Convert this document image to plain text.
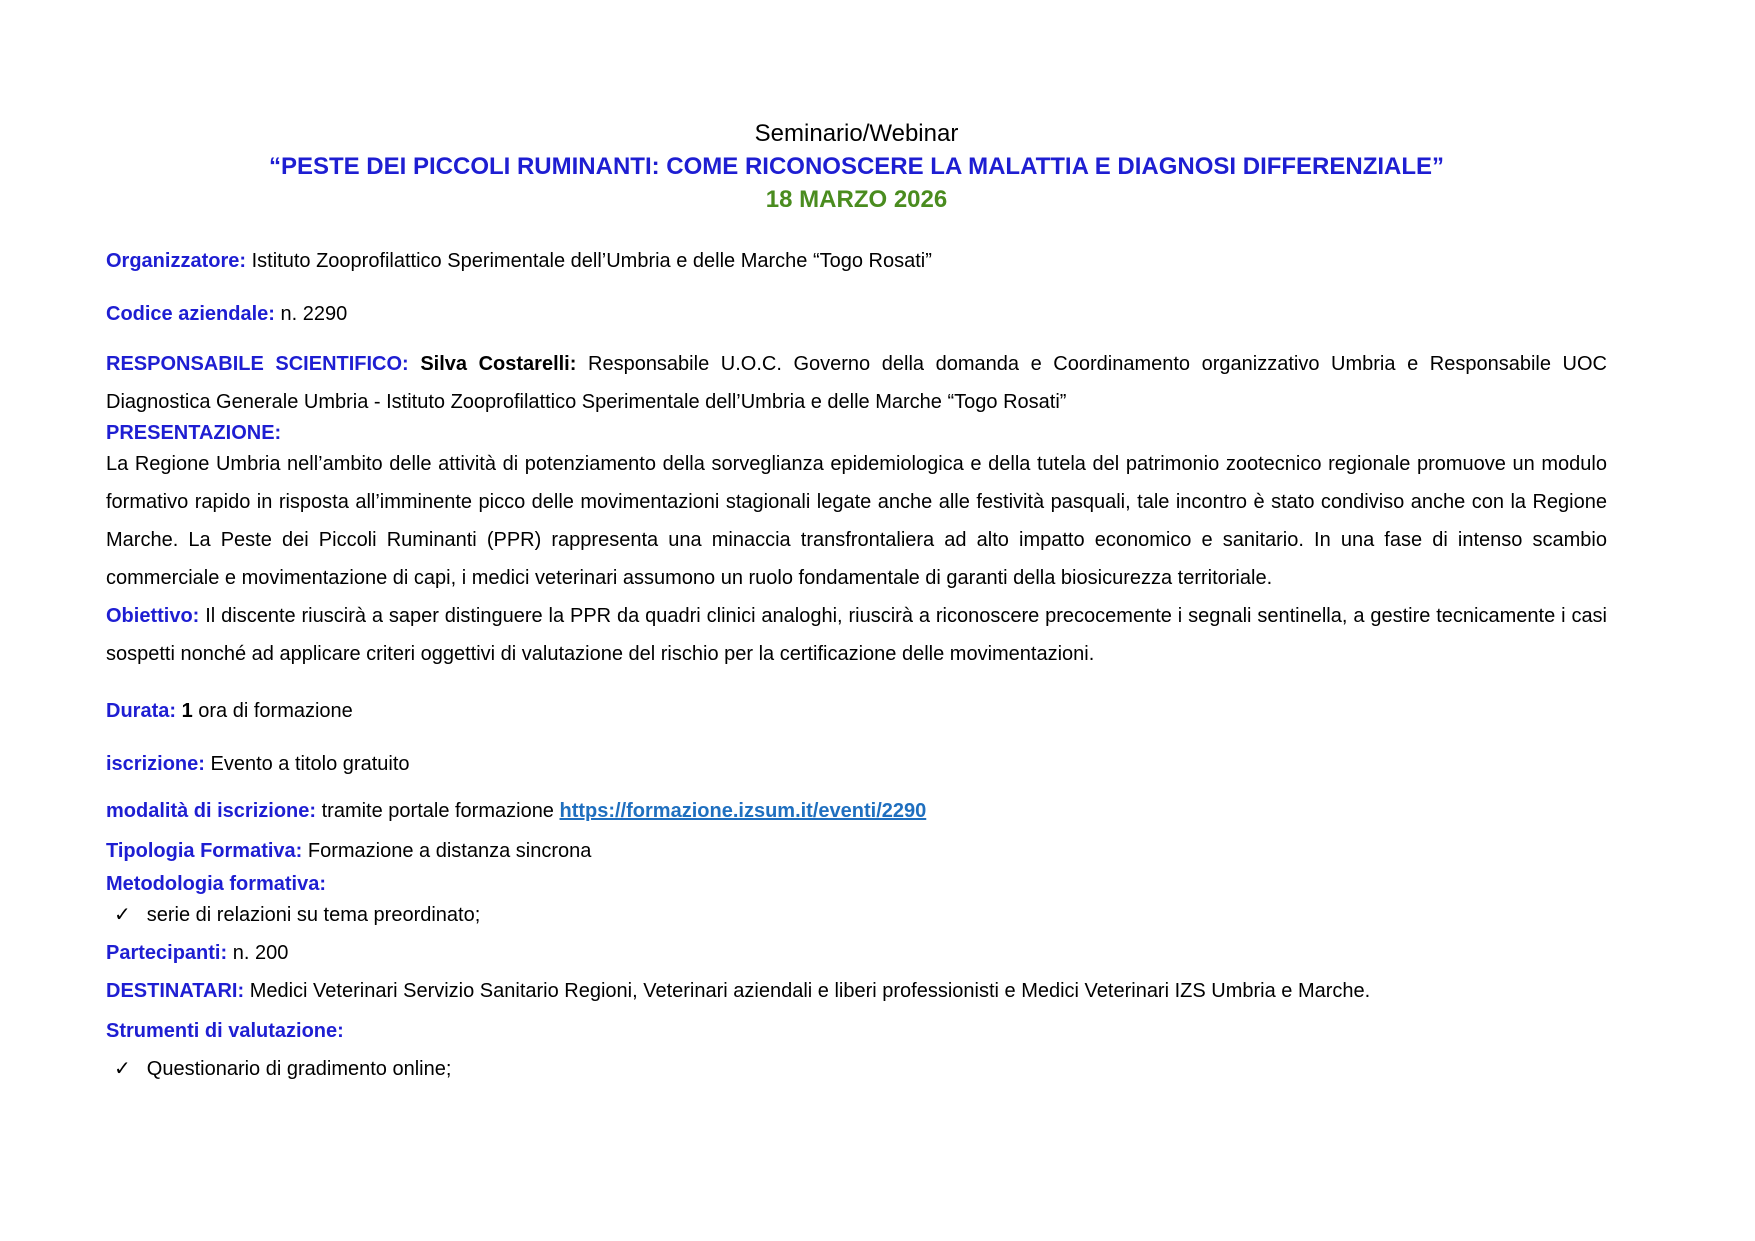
Seminario/Webinar
“PESTE DEI PICCOLI RUMINANTI: COME RICONOSCERE LA MALATTIA E DIAGNOSI DIFFERENZIALE”
18 MARZO 2026

Organizzatore: Istituto Zooprofilattico Sperimentale dell’Umbria e delle Marche “Togo Rosati”

Codice aziendale: n. 2290

RESPONSABILE SCIENTIFICO: Silva Costarelli: Responsabile U.O.C. Governo della domanda e Coordinamento organizzativo Umbria e Responsabile UOC Diagnostica Generale Umbria - Istituto Zooprofilattico Sperimentale dell’Umbria e delle Marche “Togo Rosati”

PRESENTAZIONE:

La Regione Umbria nell’ambito delle attività di potenziamento della sorveglianza epidemiologica e della tutela del patrimonio zootecnico regionale promuove un modulo formativo rapido in risposta all’imminente picco delle movimentazioni stagionali legate anche alle festività pasquali, tale incontro è stato condiviso anche con la Regione Marche. La Peste dei Piccoli Ruminanti (PPR) rappresenta una minaccia transfrontaliera ad alto impatto economico e sanitario. In una fase di intenso scambio commerciale e movimentazione di capi, i medici veterinari assumono un ruolo fondamentale di garanti della biosicurezza territoriale.

Obiettivo: Il discente riuscirà a saper distinguere la PPR da quadri clinici analoghi, riuscirà a riconoscere precocemente i segnali sentinella, a gestire tecnicamente i casi sospetti nonché ad applicare criteri oggettivi di valutazione del rischio per la certificazione delle movimentazioni.

Durata: 1 ora di formazione

iscrizione: Evento a titolo gratuito

modalità di iscrizione: tramite portale formazione https://formazione.izsum.it/eventi/2290

Tipologia Formativa: Formazione a distanza sincrona

Metodologia formativa:

✓ serie di relazioni su tema preordinato;

Partecipanti: n. 200

DESTINATARI: Medici Veterinari Servizio Sanitario Regioni, Veterinari aziendali e liberi professionisti e Medici Veterinari IZS Umbria e Marche.

Strumenti di valutazione:

✓ Questionario di gradimento online;
